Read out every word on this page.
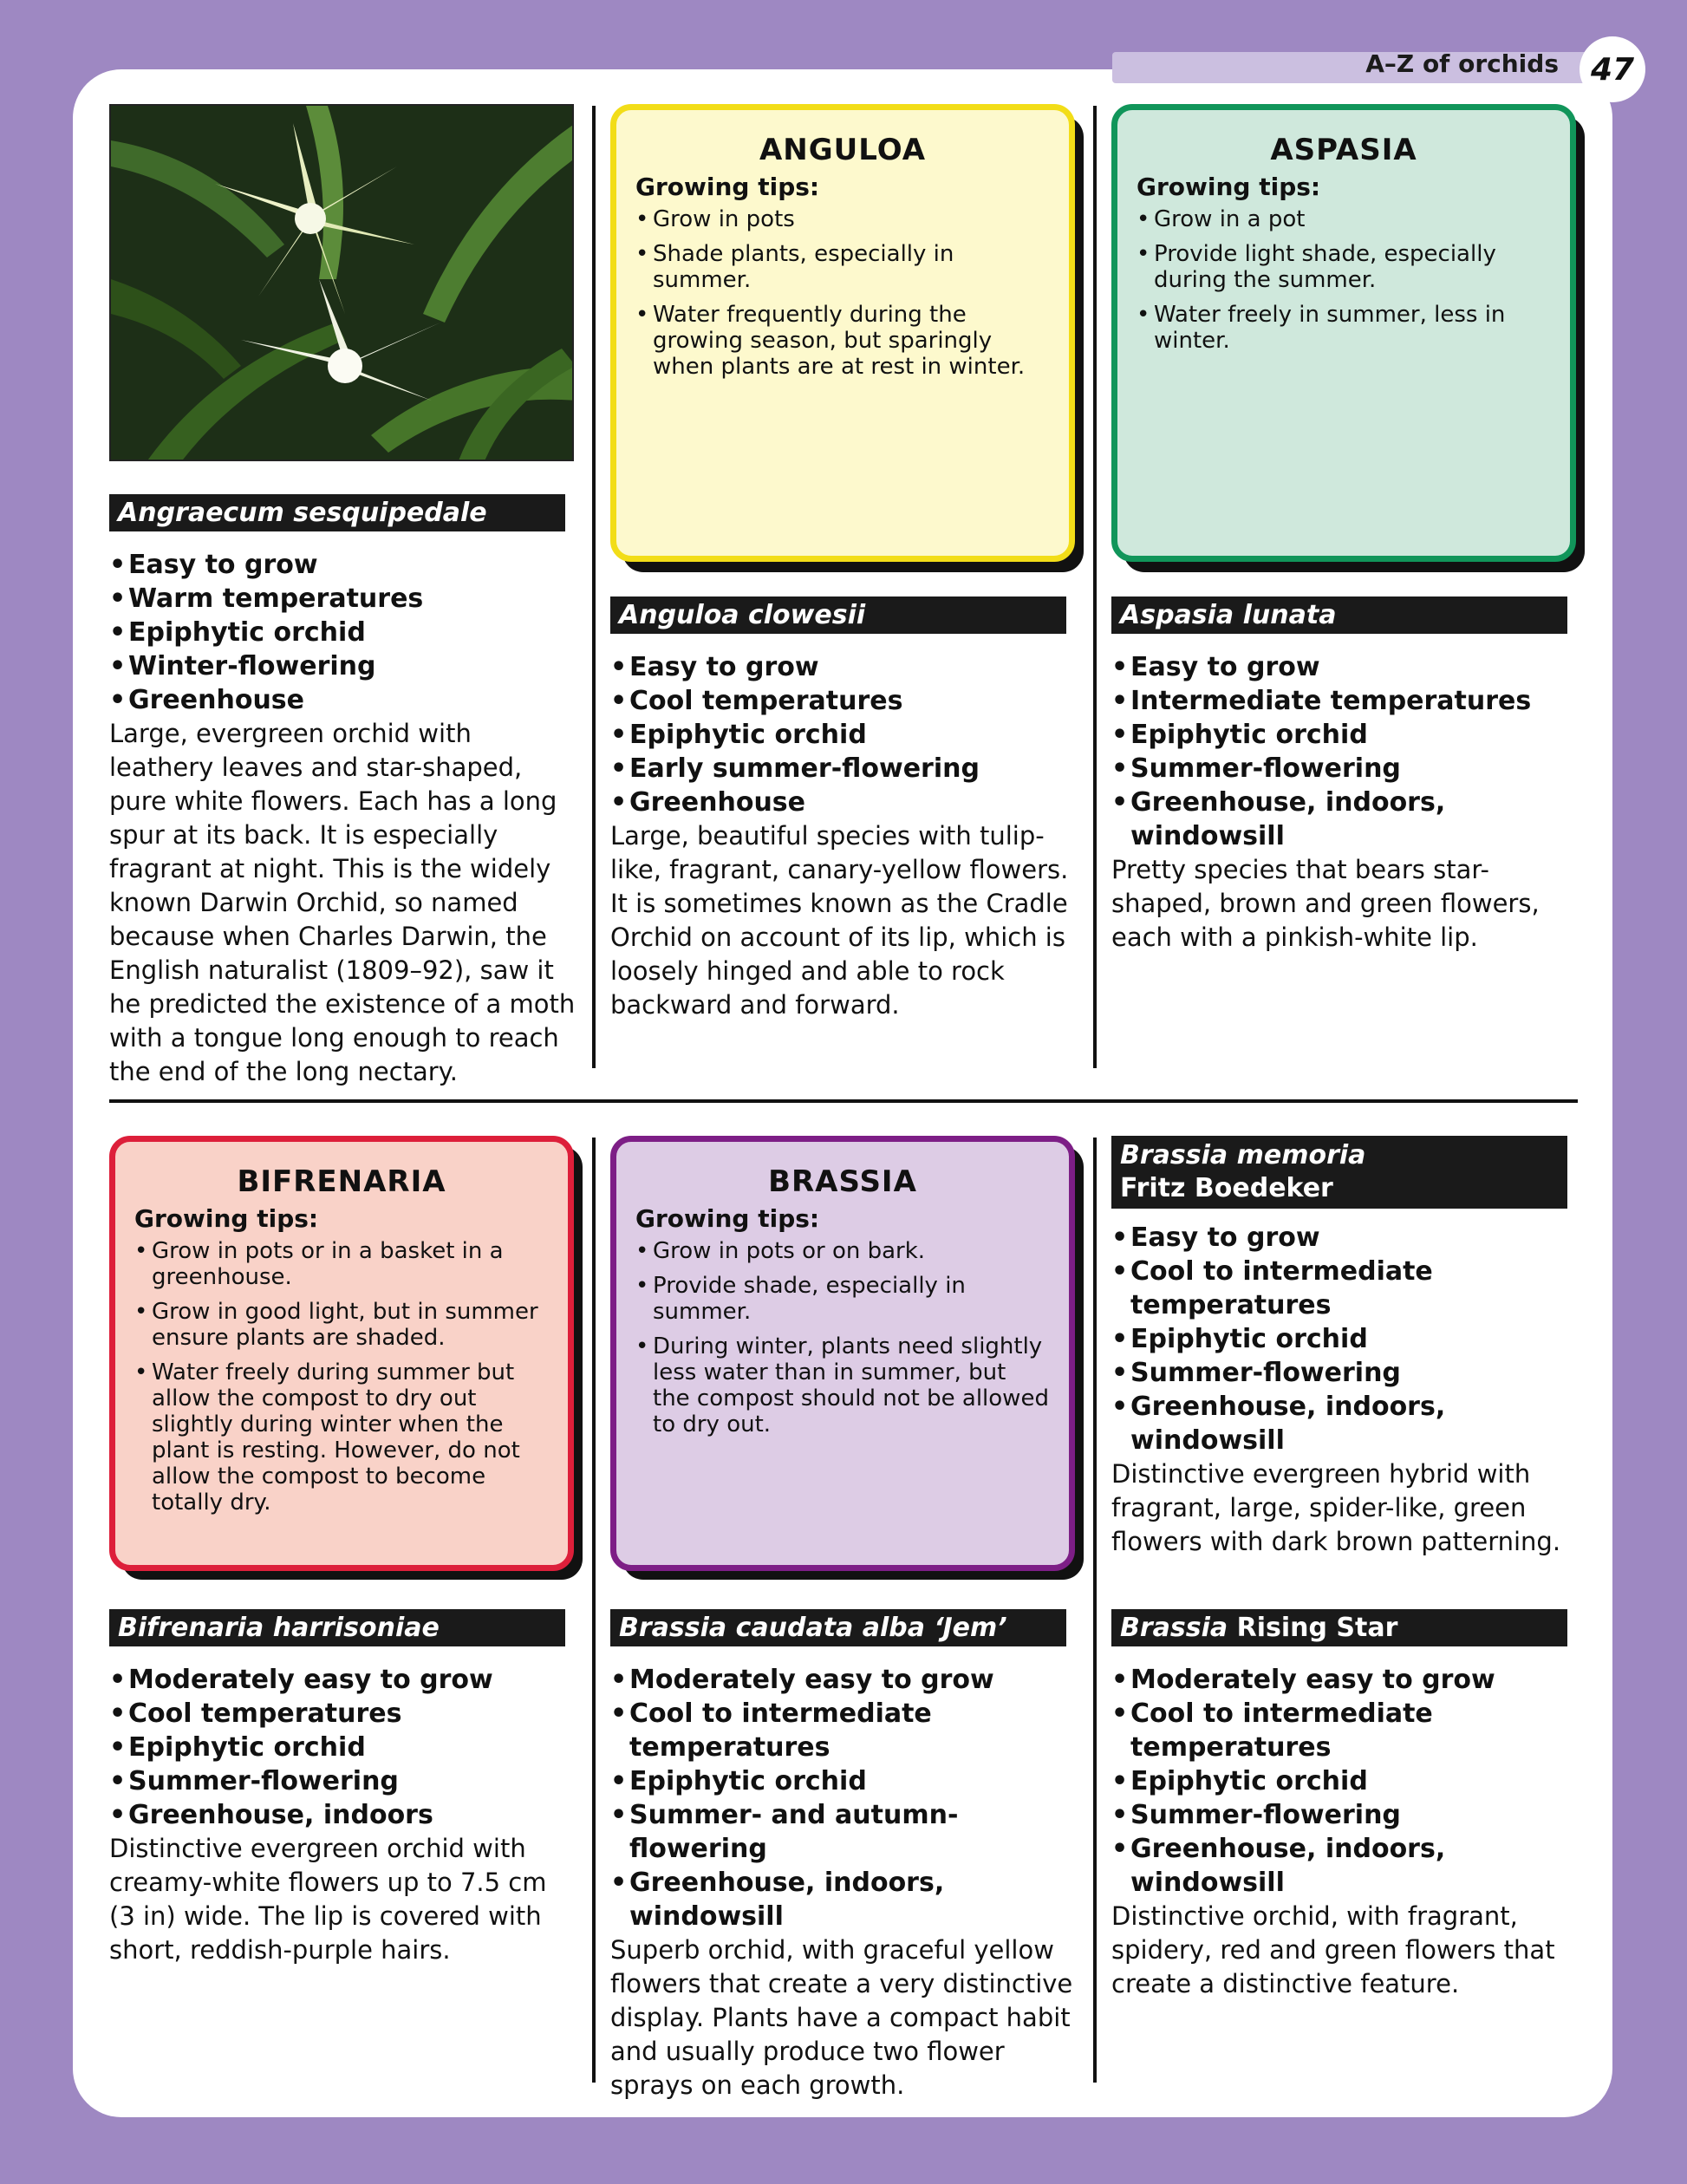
A–Z of orchids	47
ANGULOA
Growing tips:
• Grow in pots
• Shade plants, especially in summer.
• Water frequently during the growing season, but sparingly when plants are at rest in winter.
ASPASIA
Growing tips:
• Grow in a pot
• Provide light shade, especially during the summer.
• Water freely in summer, less in winter.
BIFRENARIA
Growing tips:
• Grow in pots or in a basket in a greenhouse.
• Grow in good light, but in summer ensure plants are shaded.
• Water freely during summer but allow the compost to dry out slightly during winter when the plant is resting. However, do not allow the compost to become totally dry.
BRASSIA
Growing tips:
• Grow in pots or on bark.
• Provide shade, especially in summer.
• During winter, plants need slightly less water than in summer, but the compost should not be allowed to dry out.
Angraecum sesquipedale
• Easy to grow
• Warm temperatures
• Epiphytic orchid
• Winter-flowering
• Greenhouse

Large, evergreen orchid with leathery leaves and star-shaped, pure white flowers. Each has a long spur at its back. It is especially fragrant at night. This is the widely known Darwin Orchid, so named because when Charles Darwin, the English naturalist (1809–92), saw it he predicted the existence of a moth with a tongue long enough to reach the end of the long nectary.

Anguloa clowesii
• Easy to grow
• Cool temperatures
• Epiphytic orchid
• Early summer-flowering
• Greenhouse

Large, beautiful species with tulip-like, fragrant, canary-yellow flowers. It is sometimes known as the Cradle Orchid on account of its lip, which is loosely hinged and able to rock backward and forward.

Aspasia lunata
• Easy to grow
• Intermediate temperatures
• Epiphytic orchid
• Summer-flowering
• Greenhouse, indoors, windowsill

Pretty species that bears star-shaped, brown and green flowers, each with a pinkish-white lip.

Brassia memoria
Fritz Boedeker
• Easy to grow
• Cool to intermediate temperatures
• Epiphytic orchid
• Summer-flowering
• Greenhouse, indoors, windowsill

Distinctive evergreen hybrid with fragrant, large, spider-like, green flowers with dark brown patterning.

Bifrenaria harrisoniae
• Moderately easy to grow
• Cool temperatures
• Epiphytic orchid
• Summer-flowering
• Greenhouse, indoors

Distinctive evergreen orchid with creamy-white flowers up to 7.5 cm (3 in) wide. The lip is covered with short, reddish-purple hairs.

Brassia caudata alba ‘Jem’
• Moderately easy to grow
• Cool to intermediate temperatures
• Epiphytic orchid
• Summer- and autumn-flowering
• Greenhouse, indoors, windowsill

Superb orchid, with graceful yellow flowers that create a very distinctive display. Plants have a compact habit and usually produce two flower sprays on each growth.

Brassia Rising Star
• Moderately easy to grow
• Cool to intermediate temperatures
• Epiphytic orchid
• Summer-flowering
• Greenhouse, indoors, windowsill

Distinctive orchid, with fragrant, spidery, red and green flowers that create a distinctive feature.
